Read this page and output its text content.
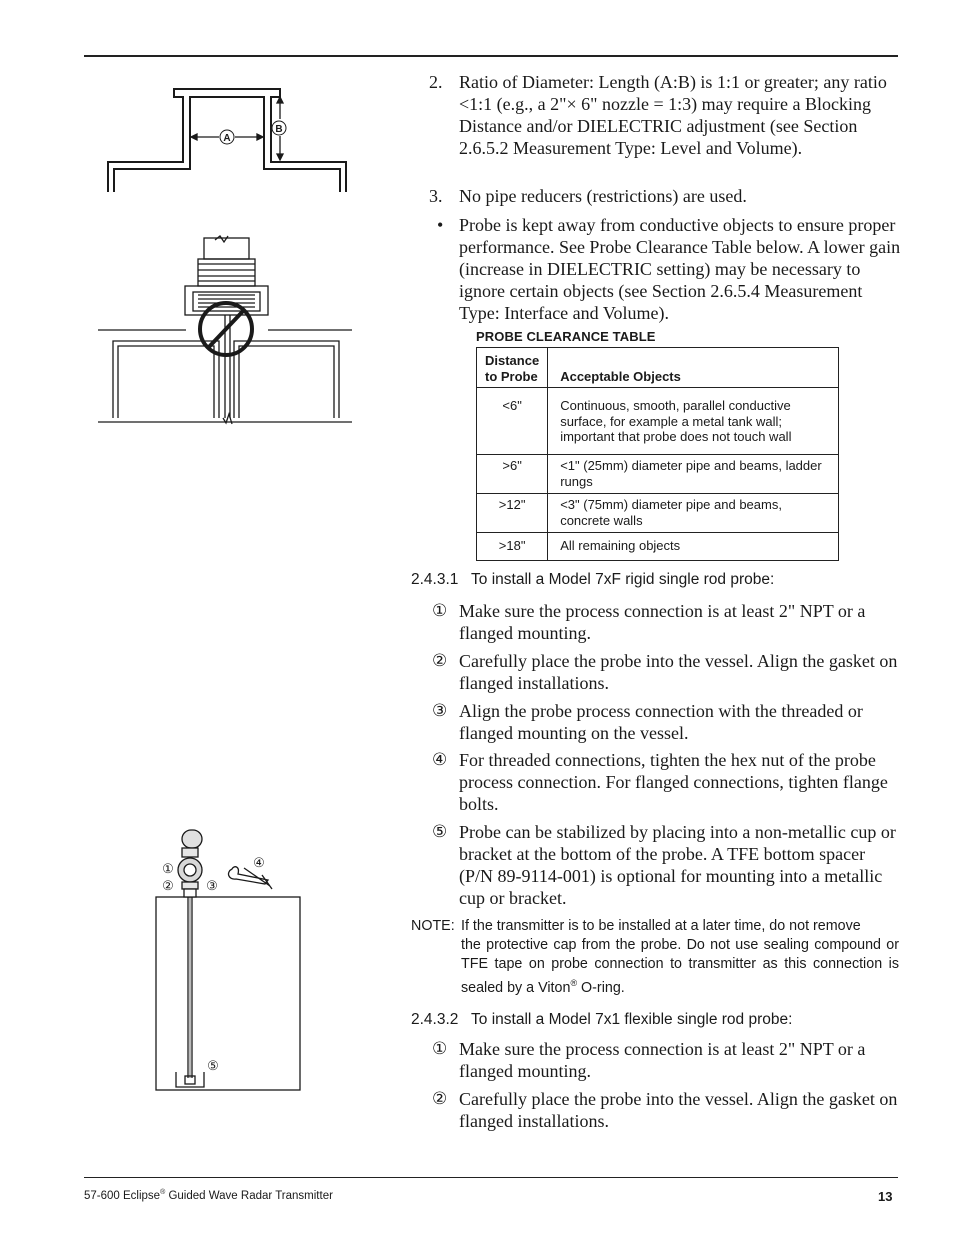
A
B
①
② ③
④
⑤
2. Ratio of Diameter: Length (A:B) is 1:1 or greater; any ratio <1:1 (e.g., a 2"× 6" nozzle = 1:3) may require a Blocking Distance and/or DIELECTRIC adjustment (see Section 2.6.5.2 Measurement Type: Level and Volume).
3. No pipe reducers (restrictions) are used.
• Probe is kept away from conductive objects to ensure proper performance. See Probe Clearance Table below. A lower gain (increase in DIELECTRIC setting) may be necessary to ignore certain objects (see Section 2.6.5.4 Measurement Type: Interface and Volume).
PROBE CLEARANCE TABLE
Distance
to Probe	Acceptable Objects
<6"	Continuous, smooth, parallel conductive surface, for example a metal tank wall; important that probe does not touch wall
>6"	<1" (25mm) diameter pipe and beams, ladder rungs
>12"	<3" (75mm) diameter pipe and beams, concrete walls
>18"	All remaining objects
2.4.3.1   To install a Model 7xF rigid single rod probe:
① Make sure the process connection is at least 2" NPT or a flanged mounting.
② Carefully place the probe into the vessel. Align the gasket on flanged installations.
③ Align the probe process connection with the threaded or flanged mounting on the vessel.
④ For threaded connections, tighten the hex nut of the probe process connection. For flanged connections, tighten flange bolts.
⑤ Probe can be stabilized by placing into a non-metallic cup or bracket at the bottom of the probe. A TFE bottom spacer (P/N 89-9114-001) is optional for mounting into a metallic cup or bracket.
NOTE: If the transmitter is to be installed at a later time, do not remove
the protective cap from the probe. Do not use sealing compound or TFE tape on probe connection to transmitter as this connection is sealed by a Viton® O-ring.
2.4.3.2   To install a Model 7x1 flexible single rod probe:
① Make sure the process connection is at least 2" NPT or a flanged mounting.
② Carefully place the probe into the vessel. Align the gasket on flanged installations.
57-600 Eclipse® Guided Wave Radar Transmitter	13
